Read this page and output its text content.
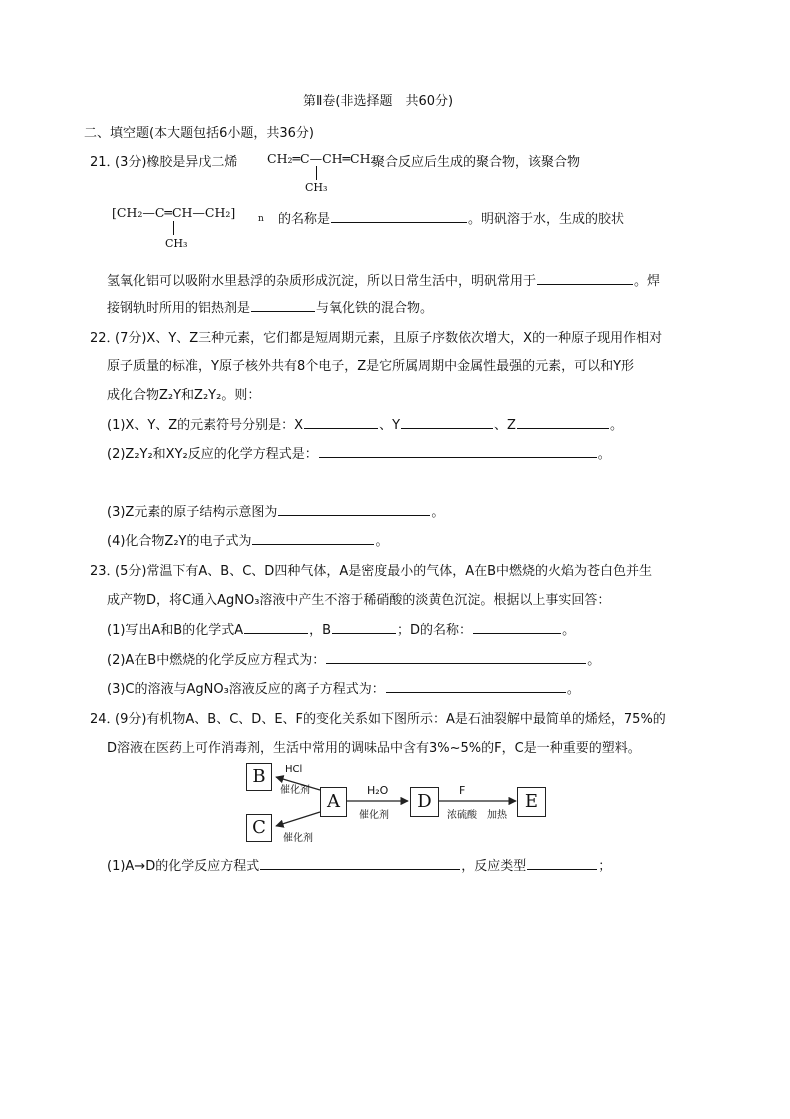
第Ⅱ卷(非选择题　共60分)
二、填空题(本大题包括6小题，共36分)
21．
(3分)橡胶是异戊二烯 CH₂═C—CH═CH₂
CH₃
聚合反应后生成的聚合物，该聚合物
[CH₂—C═CH—CH₂]	n
CH₃
的名称是	。明矾溶于水，生成的胶状
氢氧化铝可以吸附水里悬浮的杂质形成沉淀，所以日常生活中，明矾常用于	。焊
接钢轨时所用的铝热剂是	与氧化铁的混合物。
22．
(7分)X、Y、Z三种元素，它们都是短周期元素，且原子序数依次增大，X的一种原子现用作相对
原子质量的标准，Y原子核外共有8个电子，Z是它所属周期中金属性最强的元素，可以和Y形
成化合物Z₂Y和Z₂Y₂。则：
(1)X、Y、Z的元素符号分别是：X	、Y	、Z	。
(2)Z₂Y₂和XY₂反应的化学方程式是：	。
(3)Z元素的原子结构示意图为	。
(4)化合物Z₂Y的电子式为	。
23．
(5分)常温下有A、B、C、D四种气体，A是密度最小的气体，A在B中燃烧的火焰为苍白色并生
成产物D，将C通入AgNO₃溶液中产生不溶于稀硝酸的淡黄色沉淀。根据以上事实回答：
(1)写出A和B的化学式A	，B	；D的名称：	。
(2)A在B中燃烧的化学反应方程式为：	。
(3)C的溶液与AgNO₃溶液反应的离子方程式为：	。
24．
(9分)有机物A、B、C、D、E、F的变化关系如下图所示：A是石油裂解中最简单的烯烃，75%的
D溶液在医药上可作消毒剂，生活中常用的调味品中含有3%~5%的F，C是一种重要的塑料。
B
C
A	D	E
HCl
催化剂
催化剂
H₂O
催化剂
F
浓硫酸　加热
(1)A→D的化学反应方程式	，反应类型	；
